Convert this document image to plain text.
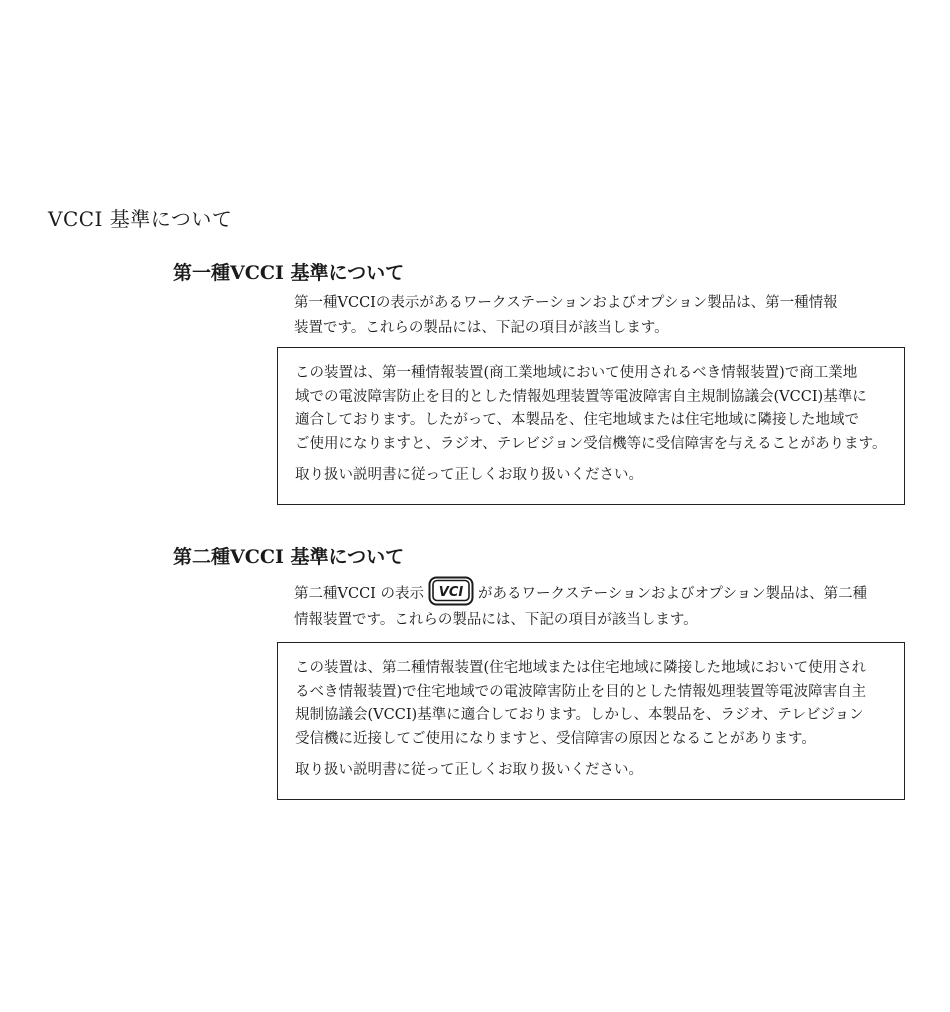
VCCI 基準について
第一種VCCI 基準について
第一種VCCIの表示があるワークステーションおよびオプション製品は、第一種情報
装置です。これらの製品には、下記の項目が該当します。
この装置は、第一種情報装置(商工業地域において使用されるべき情報装置)で商工業地
域での電波障害防止を目的とした情報処理装置等電波障害自主規制協議会(VCCI)基準に
適合しております。したがって、本製品を、住宅地域または住宅地域に隣接した地域で
ご使用になりますと、ラジオ、テレビジョン受信機等に受信障害を与えることがあります。
取り扱い説明書に従って正しくお取り扱いください。
第二種VCCI 基準について
第二種VCCI の表示 VCI があるワークステーションおよびオプション製品は、第二種
情報装置です。これらの製品には、下記の項目が該当します。
この装置は、第二種情報装置(住宅地域または住宅地域に隣接した地域において使用され
るべき情報装置)で住宅地域での電波障害防止を目的とした情報処理装置等電波障害自主
規制協議会(VCCI)基準に適合しております。しかし、本製品を、ラジオ、テレビジョン
受信機に近接してご使用になりますと、受信障害の原因となることがあります。
取り扱い説明書に従って正しくお取り扱いください。
